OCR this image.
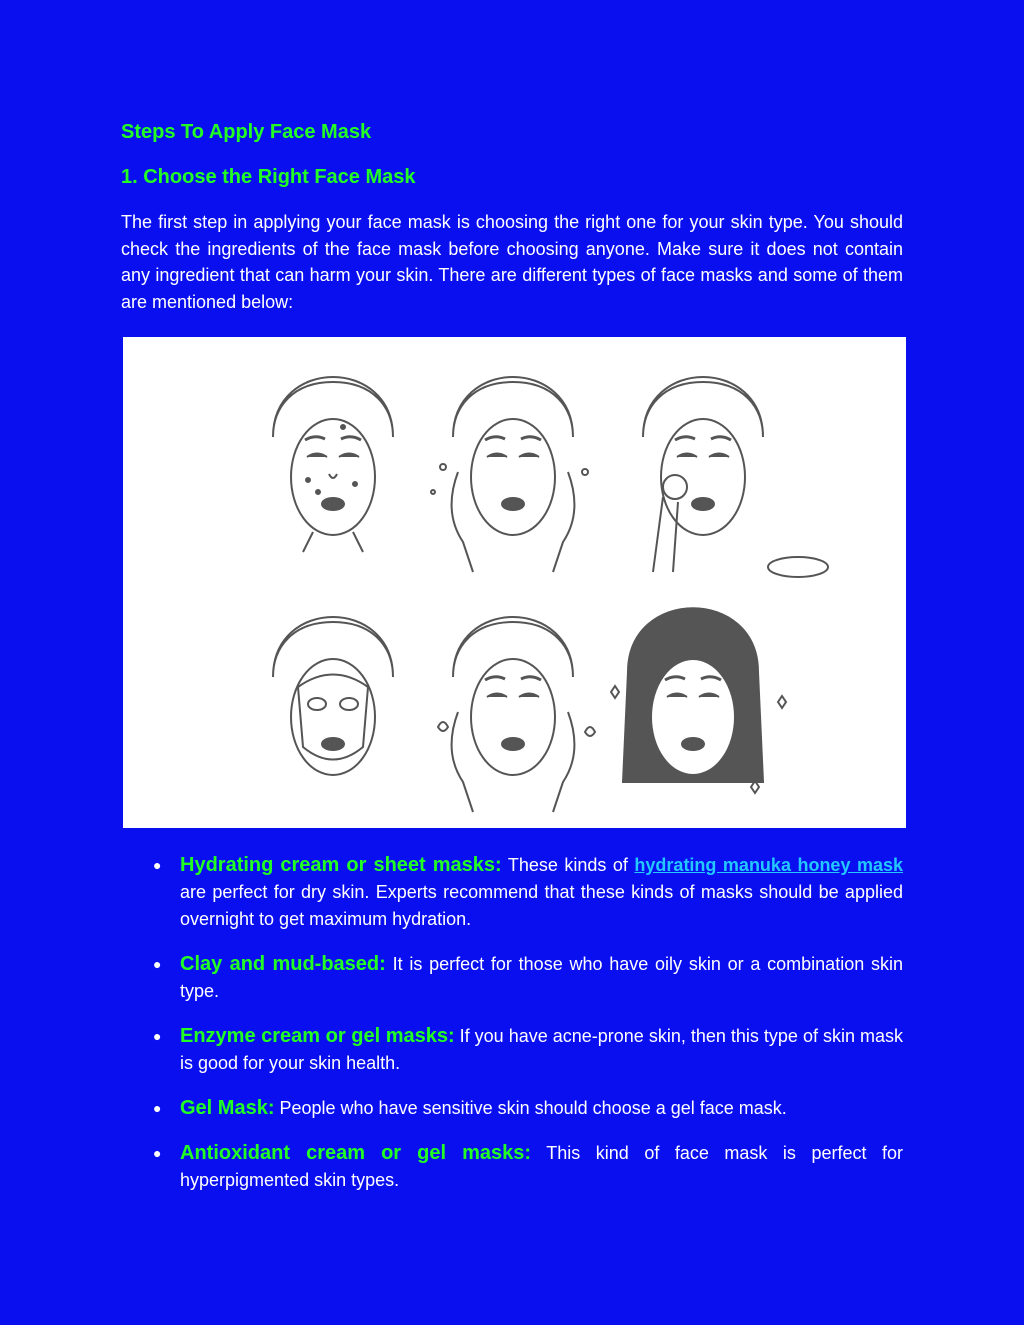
Steps To Apply Face Mask
1. Choose the Right Face Mask

The first step in applying your face mask is choosing the right one for your skin type. You should check the ingredients of the face mask before choosing anyone. Make sure it does not contain any ingredient that can harm your skin. There are different types of face masks and some of them are mentioned below:

● Hydrating cream or sheet masks: These kinds of hydrating manuka honey mask are perfect for dry skin. Experts recommend that these kinds of masks should be applied overnight to get maximum hydration.
● Clay and mud-based: It is perfect for those who have oily skin or a combination skin type.
● Enzyme cream or gel masks: If you have acne-prone skin, then this type of skin mask is good for your skin health.
● Gel Mask: People who have sensitive skin should choose a gel face mask.
● Antioxidant cream or gel masks: This kind of face mask is perfect for hyperpigmented skin types.
